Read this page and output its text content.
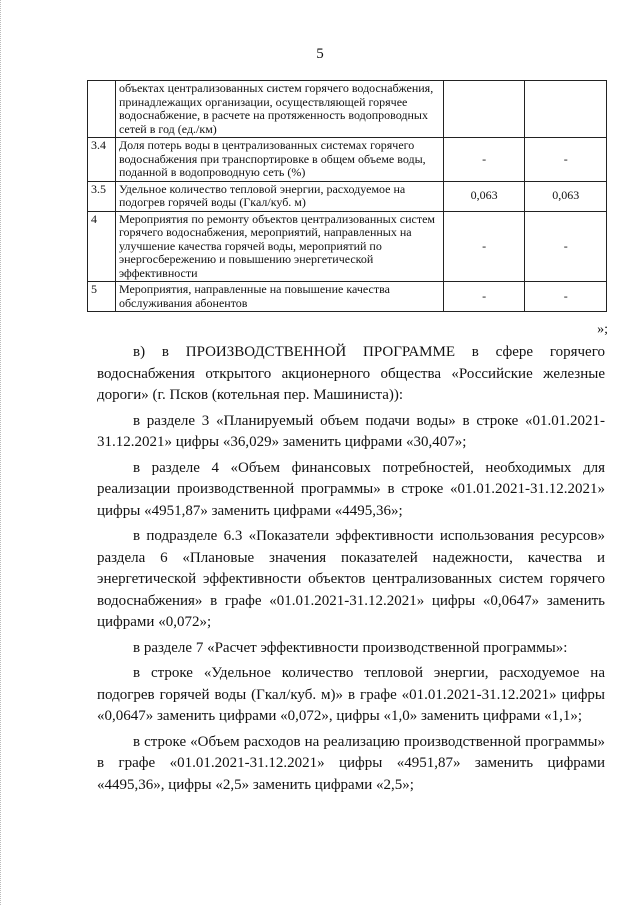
5
	объектах централизованных систем горячего водоснабжения, принадлежащих организации, осуществляющей горячее водоснабжение, в расчете на протяженность водопроводных сетей в год (ед./км)		
3.4	Доля потерь воды в централизованных системах горячего водоснабжения при транспортировке в общем объеме воды, поданной в водопроводную сеть (%)	-	-
3.5	Удельное количество тепловой энергии, расходуемое на подогрев горячей воды (Гкал/куб. м)	0,063	0,063
4	Мероприятия по ремонту объектов централизованных систем горячего водоснабжения, мероприятий, направленных на улучшение качества горячей воды, мероприятий по энергосбережению и повышению энергетической эффективности	-	-
5	Мероприятия, направленные на повышение качества обслуживания абонентов	-	-
»;

в) в ПРОИЗВОДСТВЕННОЙ ПРОГРАММЕ в сфере горячего водоснабжения открытого акционерного общества «Российские железные дороги» (г. Псков (котельная пер. Машиниста)):

в разделе 3 «Планируемый объем подачи воды» в строке «01.01.2021-31.12.2021» цифры «36,029» заменить цифрами «30,407»;

в разделе 4 «Объем финансовых потребностей, необходимых для реализации производственной программы» в строке «01.01.2021-31.12.2021» цифры «4951,87» заменить цифрами «4495,36»;

в подразделе 6.3 «Показатели эффективности использования ресурсов» раздела 6 «Плановые значения показателей надежности, качества и энергетической эффективности объектов централизованных систем горячего водоснабжения» в графе «01.01.2021-31.12.2021» цифры «0,0647» заменить цифрами «0,072»;

в разделе 7 «Расчет эффективности производственной программы»:

в строке «Удельное количество тепловой энергии, расходуемое на подогрев горячей воды (Гкал/куб. м)» в графе «01.01.2021-31.12.2021» цифры «0,0647» заменить цифрами «0,072», цифры «1,0» заменить цифрами «1,1»;

в строке «Объем расходов на реализацию производственной программы» в графе «01.01.2021-31.12.2021» цифры «4951,87» заменить цифрами «4495,36», цифры «2,5» заменить цифрами «2,5»;
